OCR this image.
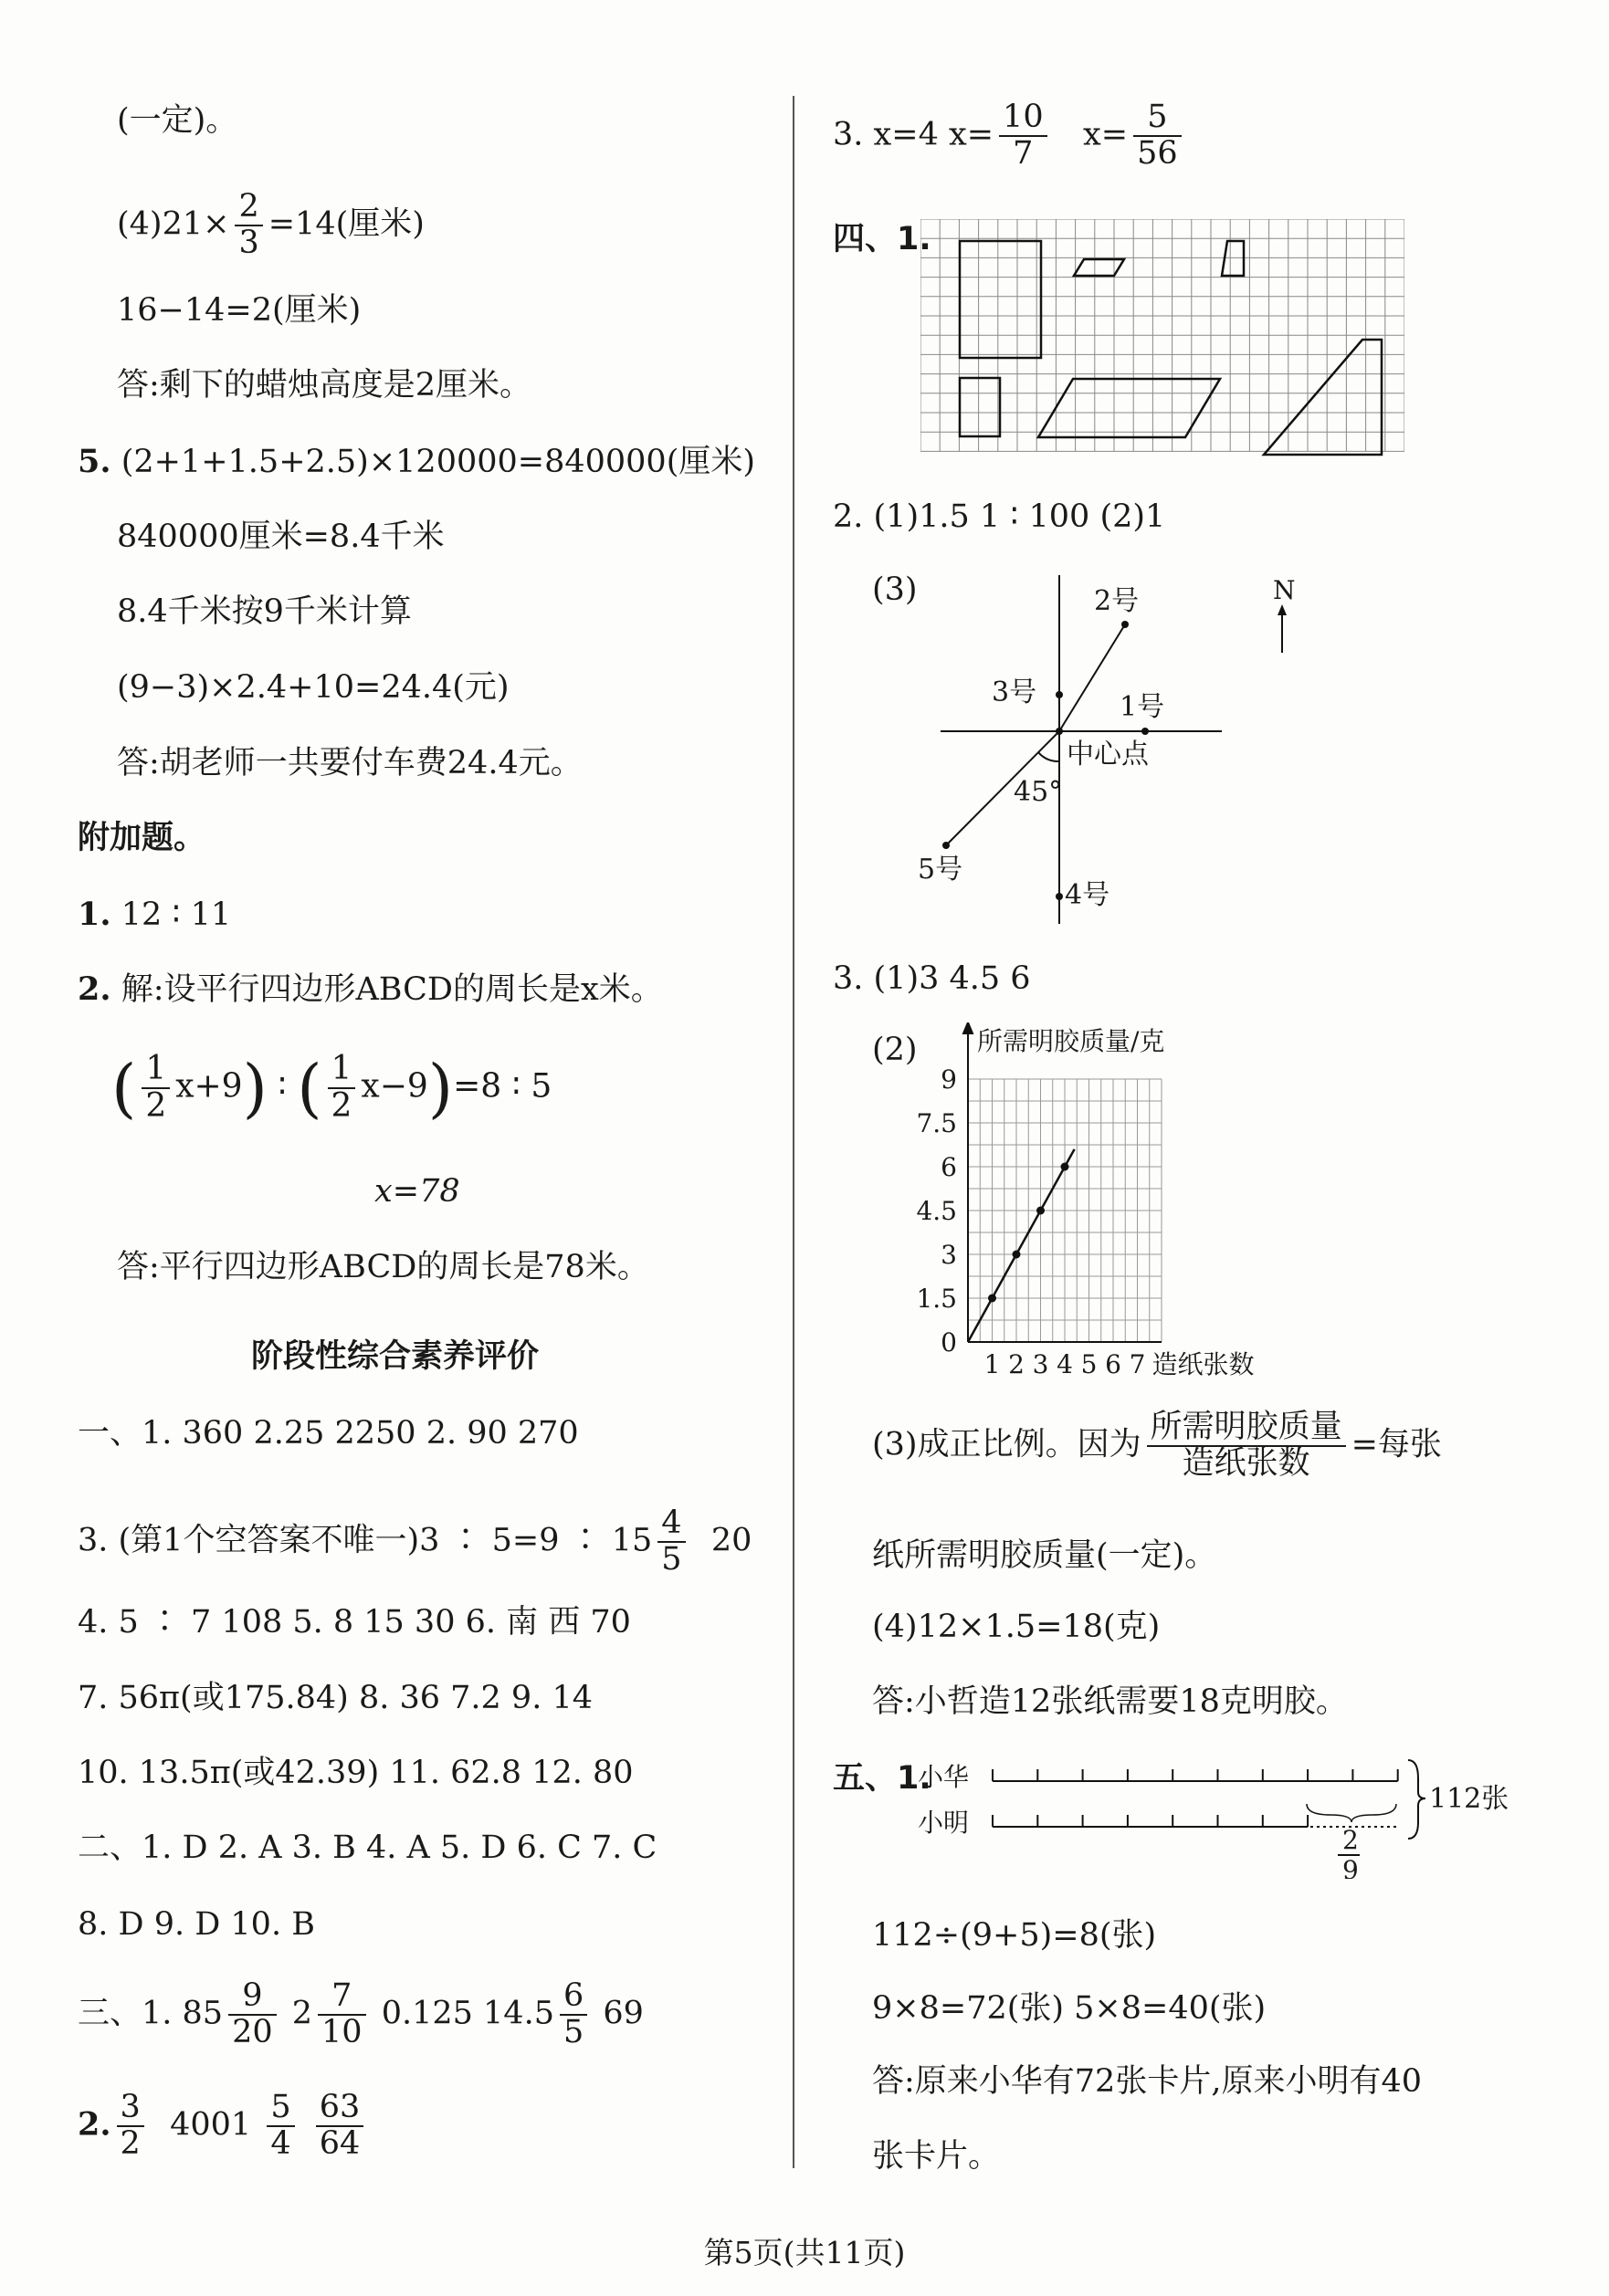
(一定)。
$(4)21\times \frac{2}{3} =14$(厘米)
16−14=2(厘米)
答:剩下的蜡烛高度是2厘米。
5. (2+1+1.5+2.5)×120000=840000(厘米)
840000厘米=8.4千米
8.4千米按9千米计算
(9−3)×2.4+10=24.4(元)
答:胡老师一共要付车费24.4元。
附加题。
1. 12 ∶ 11
2. 解:设平行四边形ABCD的周长是x米。
( $\frac{1}{2} x+9$) ∶ ( $\frac{1}{2} x-9)=8$ ∶ 5
x=78
答:平行四边形ABCD的周长是78米。
阶段性综合素养评价
一、1. 360 2.25 2250 2. 90 270
3. (第1个空答案不唯一)3 ∶ 5=9 ∶ $15 \frac{4}{5} 20$
4. 5 ∶ 7 108 5. 8 15 30 6. 南 西 70
7. 56π(或175.84) 8. 36 7.2 9. 14
10. 13.5π(或42.39) 11. 62.8 12. 80
二、1. D 2. A 3. B 4. A 5. D 6. C 7. C
8. D 9. D 10. B
三、1. $85 \frac{9}{20} 2 \frac{7}{10} 0.125$ $14.5 \frac{6}{5} 69$
2. $\frac{3}{2} 4001 \frac{5}{4}$
$\frac{63}{64}$
3. x=4 $x= \frac{10}{7} x= \frac{5}{56}$
四、1.
2. (1)1.5 1 ∶ 100 (2)1
(3)	N
2号
3号	1号
中心点
45°
5号
4号
3. (1)3 4.5 6
(2)
1.5
3
4.5
6
7.5
9
0
1 2 3 4 5 6 7
所需明胶质量/克
造纸张数
(3)成正比例。因为 所需明胶质量
造纸张数
=每张
纸所需明胶质量(一定)。
(4)12×1.5=18(克)
答:小哲造12张纸需要18克明胶。
五、1.
小华
小明
2
9
112张
112÷(9+5)=8(张)
9×8=72(张) 5×8=40(张)
答:原来小华有72张卡片,原来小明有40
张卡片。
第5页(共11页)
